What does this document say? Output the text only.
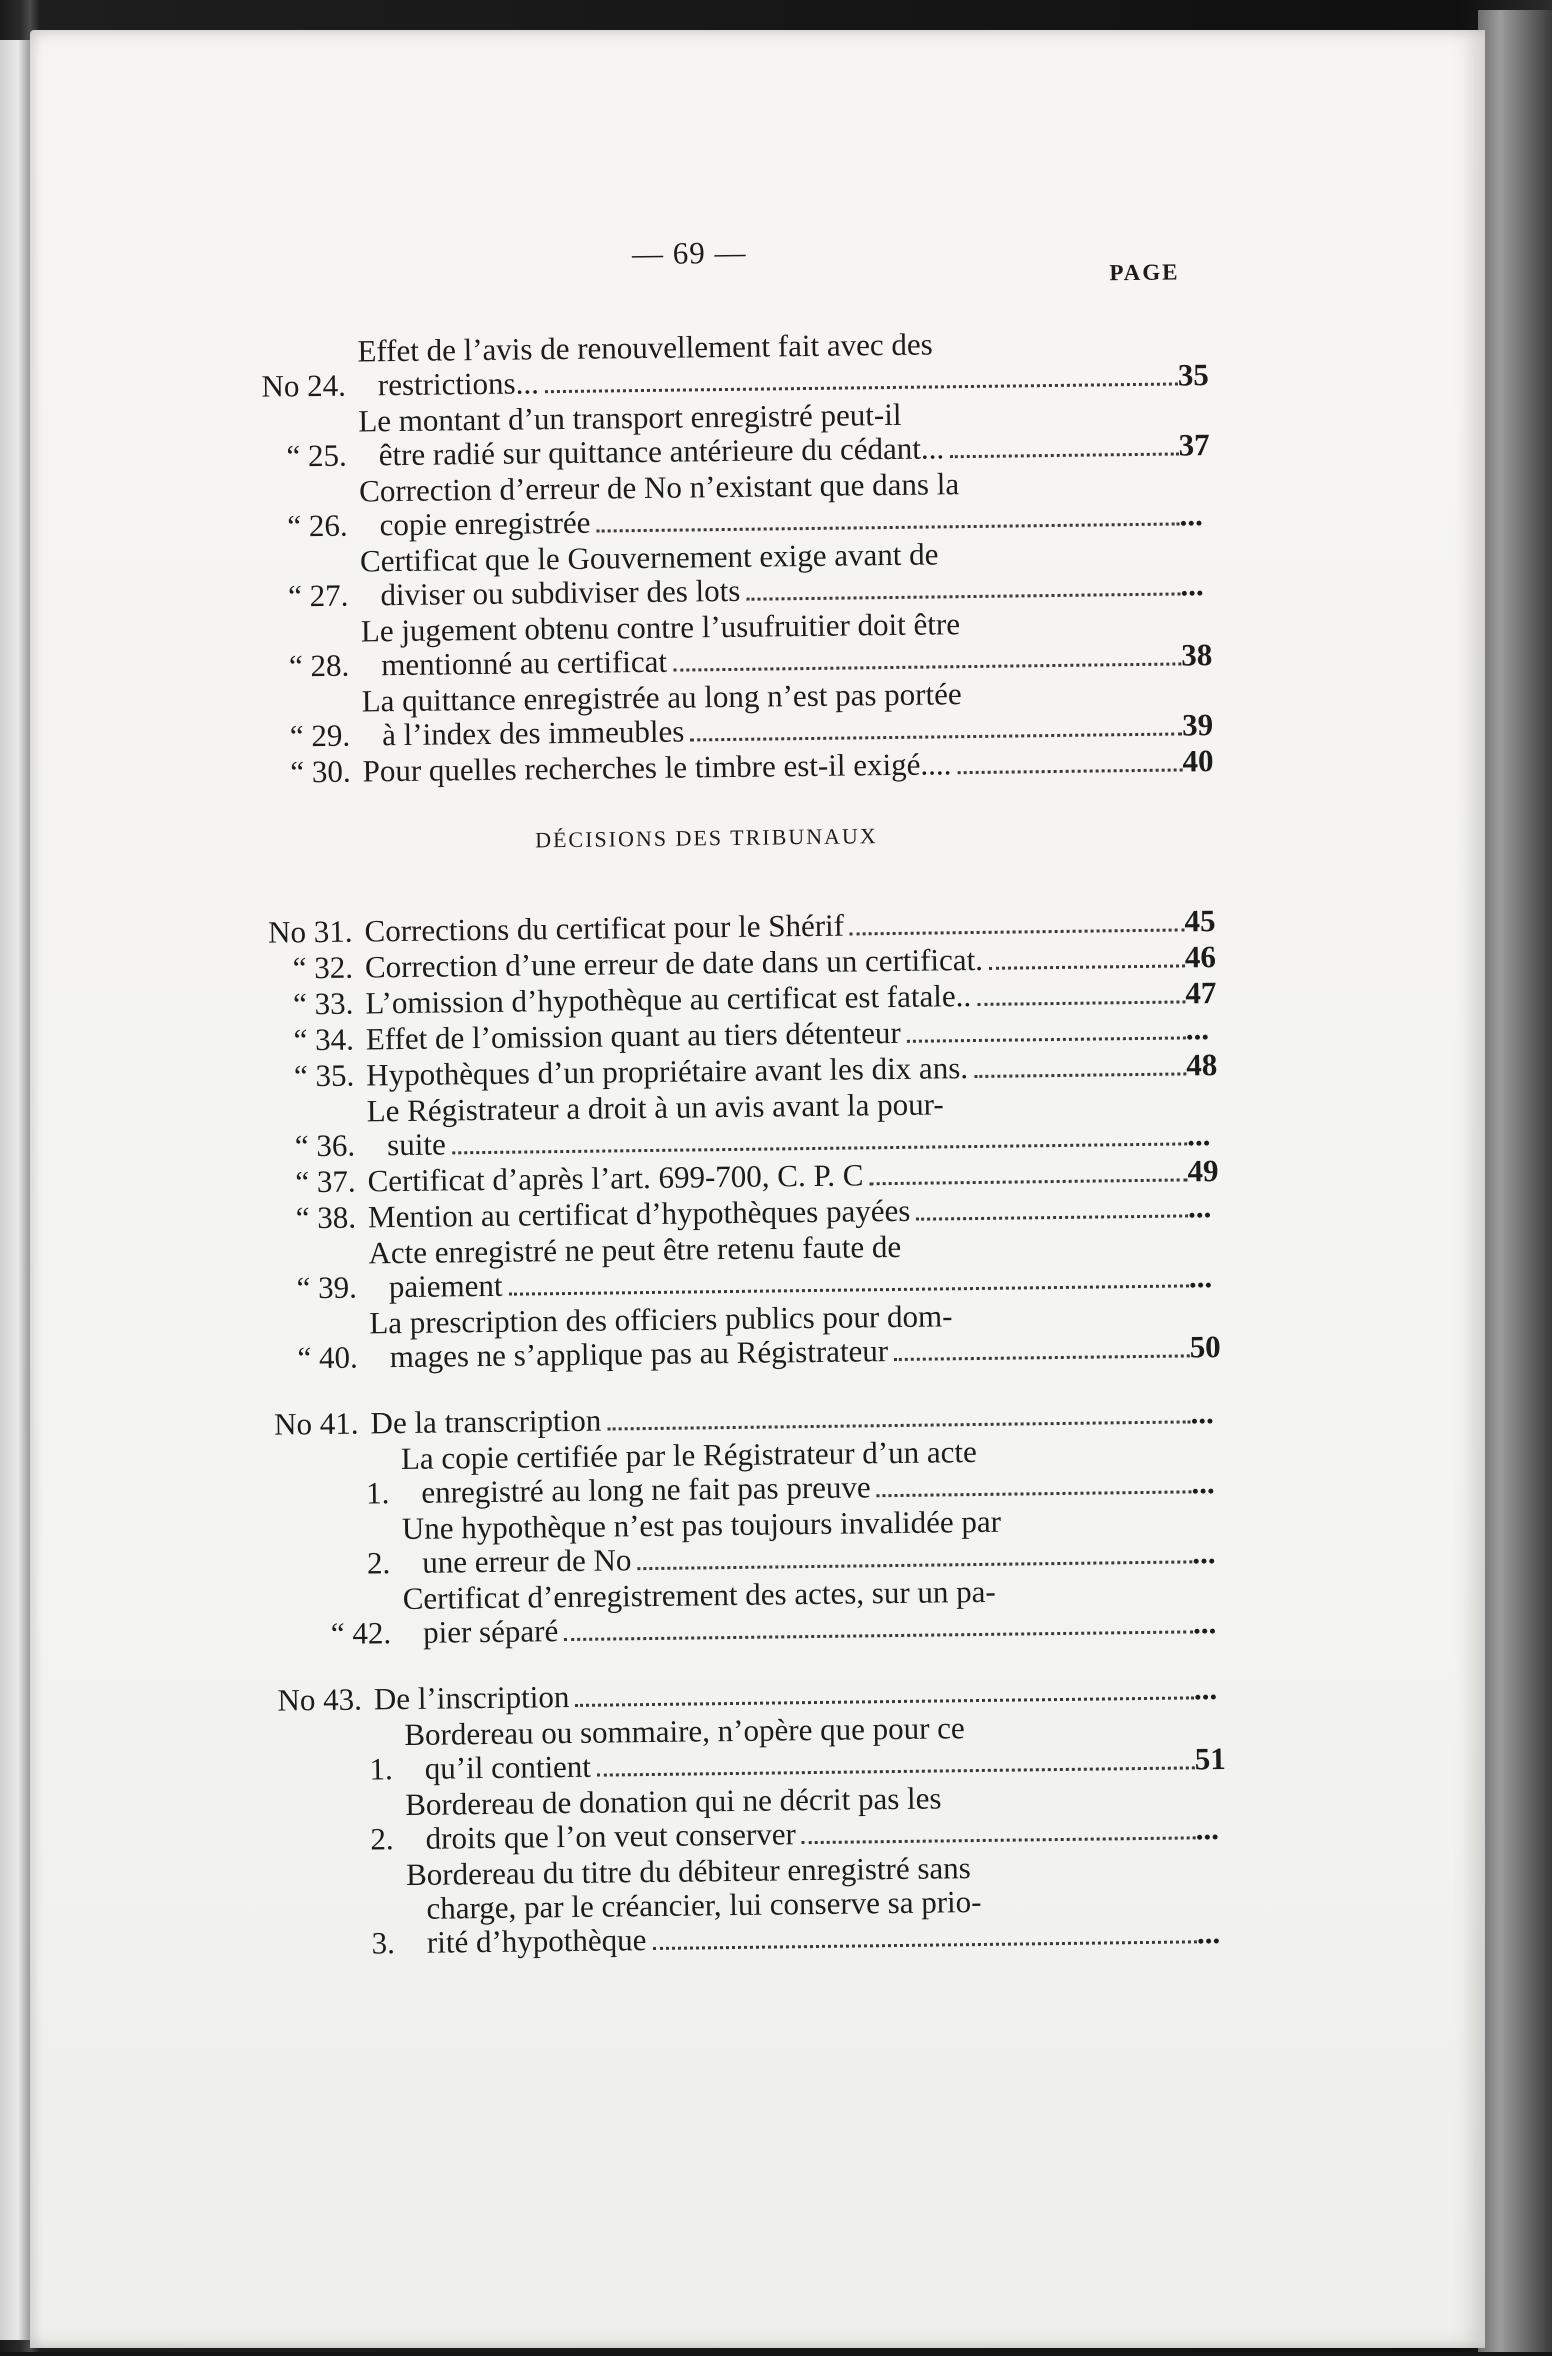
— 69 —
PAGE
No 24.
Effet de l’avis de renouvellement fait avec des
restrictions...	35
“ 25.
Le montant d’un transport enregistré peut-il
être radié sur quittance antérieure du cédant...	37
“ 26.
Correction d’erreur de No n’existant que dans la
copie enregistrée	...
“ 27.
Certificat que le Gouvernement exige avant de
diviser ou subdiviser des lots	...
“ 28.
Le jugement obtenu contre l’usufruitier doit être
mentionné au certificat	38
“ 29.
La quittance enregistrée au long n’est pas portée
à l’index des immeubles	39
“ 30. Pour quelles recherches le timbre est-il exigé....	40
DÉCISIONS DES TRIBUNAUX
No 31. Corrections du certificat pour le Shérif	45
“ 32. Correction d’une erreur de date dans un certificat.	46
“ 33. L’omission d’hypothèque au certificat est fatale..	47
“ 34. Effet de l’omission quant au tiers détenteur	...
“ 35. Hypothèques d’un propriétaire avant les dix ans.	48
“ 36.
Le Régistrateur a droit à un avis avant la pour-
suite	...
“ 37. Certificat d’après l’art. 699-700, C. P. C	49
“ 38. Mention au certificat d’hypothèques payées	...
“ 39.
Acte enregistré ne peut être retenu faute de
paiement	...
“ 40.
La prescription des officiers publics pour dom-
mages ne s’applique pas au Régistrateur	50
No 41. De la transcription	...
1.
La copie certifiée par le Régistrateur d’un acte
enregistré au long ne fait pas preuve	...
2.
Une hypothèque n’est pas toujours invalidée par
une erreur de No	...
“ 42.
Certificat d’enregistrement des actes, sur un pa-
pier séparé	...
No 43. De l’inscription	...
1.
Bordereau ou sommaire, n’opère que pour ce
qu’il contient	51
2.
Bordereau de donation qui ne décrit pas les
droits que l’on veut conserver	...
3.
Bordereau du titre du débiteur enregistré sans
charge, par le créancier, lui conserve sa prio-
rité d’hypothèque	...
